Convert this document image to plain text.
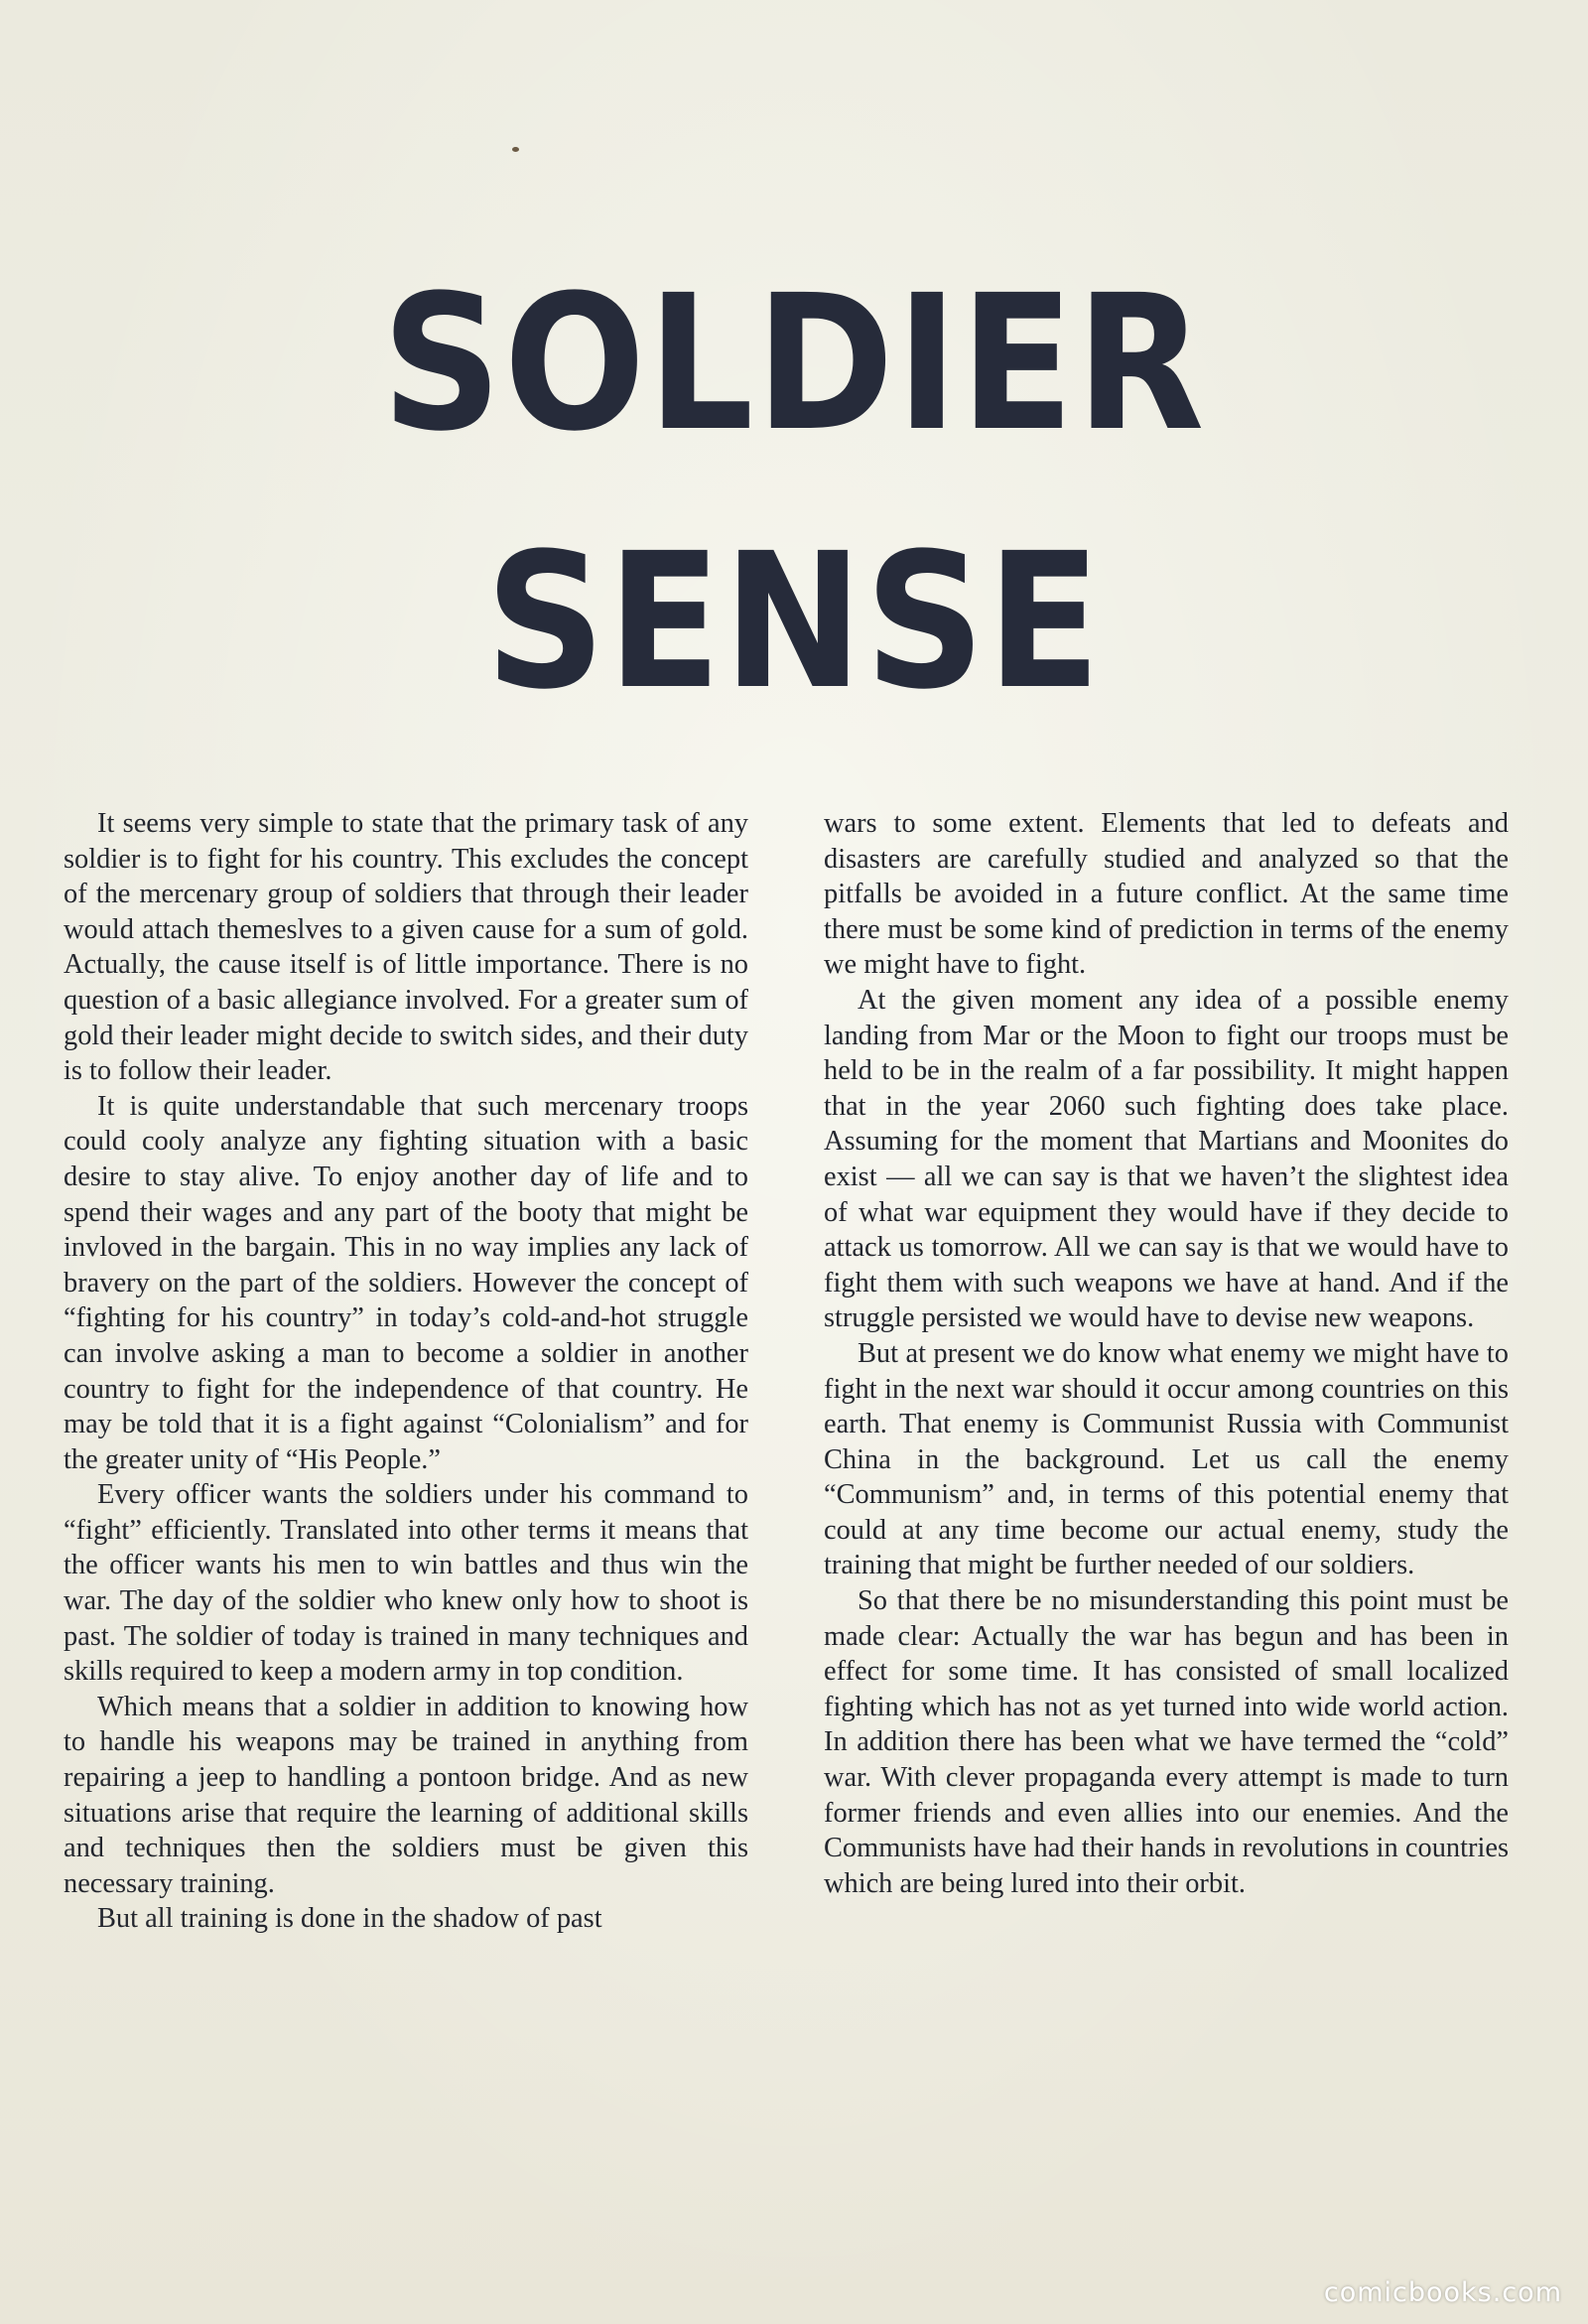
SOLDIER
SENSE

It seems very simple to state that the primary task of any soldier is to fight for his country. This excludes the concept of the mercenary group of soldiers that through their leader would attach themeslves to a given cause for a sum of gold. Actually, the cause itself is of little importance. There is no question of a basic allegiance involved. For a greater sum of gold their leader might decide to switch sides, and their duty is to follow their leader.

It is quite understandable that such mercenary troops could cooly analyze any fighting situation with a basic desire to stay alive. To enjoy another day of life and to spend their wages and any part of the booty that might be invloved in the bargain. This in no way implies any lack of bravery on the part of the soldiers. However the concept of “fighting for his country” in today’s cold-and-hot struggle can involve asking a man to become a soldier in another country to fight for the independence of that country. He may be told that it is a fight against “Colonialism” and for the greater unity of “His People.”

Every officer wants the soldiers under his command to “fight” efficiently. Translated into other terms it means that the officer wants his men to win battles and thus win the war. The day of the soldier who knew only how to shoot is past. The soldier of today is trained in many techniques and skills required to keep a modern army in top condition.

Which means that a soldier in addition to knowing how to handle his weapons may be trained in anything from repairing a jeep to handling a pontoon bridge. And as new situations arise that require the learning of additional skills and techniques then the soldiers must be given this necessary training.

But all training is done in the shadow of past

wars to some extent. Elements that led to defeats and disasters are carefully studied and analyzed so that the pitfalls be avoided in a future conflict. At the same time there must be some kind of prediction in terms of the enemy we might have to fight.

At the given moment any idea of a possible enemy landing from Mar or the Moon to fight our troops must be held to be in the realm of a far possibility. It might happen that in the year 2060 such fighting does take place. Assuming for the moment that Martians and Moonites do exist — all we can say is that we haven’t the slightest idea of what war equipment they would have if they decide to attack us tomorrow. All we can say is that we would have to fight them with such weapons we have at hand. And if the struggle persisted we would have to devise new weapons.

But at present we do know what enemy we might have to fight in the next war should it occur among countries on this earth. That enemy is Communist Russia with Communist China in the background. Let us call the enemy “Communism” and, in terms of this potential enemy that could at any time become our actual enemy, study the training that might be further needed of our soldiers.

So that there be no misunderstanding this point must be made clear: Actually the war has begun and has been in effect for some time. It has consisted of small localized fighting which has not as yet turned into wide world action. In addition there has been what we have termed the “cold” war. With clever propaganda every attempt is made to turn former friends and even allies into our enemies. And the Communists have had their hands in revolutions in countries which are being lured into their orbit.

comicbooks.com
